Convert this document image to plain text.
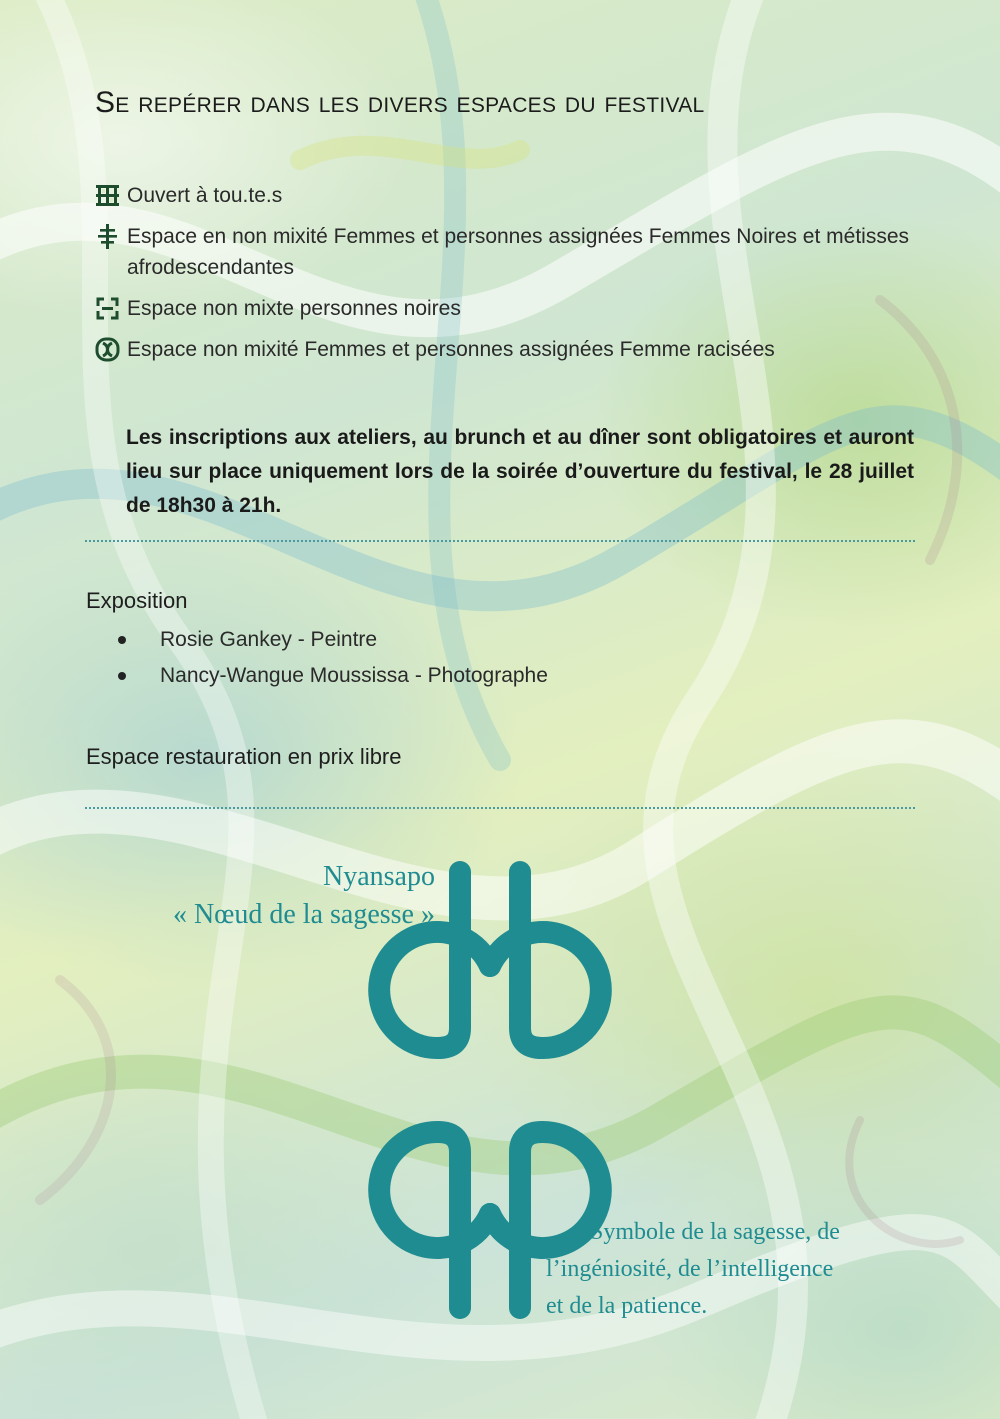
Se repérer dans les divers espaces du festival
Ouvert à tou.te.s
Espace en non mixité Femmes et personnes assignées Femmes Noires et métisses afrodescendantes
Espace non mixte personnes noires
Espace non mixité Femmes et personnes assignées Femme racisées

Les inscriptions aux ateliers, au brunch et au dîner sont obligatoires et auront lieu sur place uniquement lors de la soirée d’ouverture du festival, le 28 juillet de 18h30 à 21h.

Exposition
Rosie Gankey - Peintre
Nancy-Wangue Moussissa - Photographe
Espace restauration en prix libre
Nyansapo
« Nœud de la sagesse »
Symbole de la sagesse, de
l’ingéniosité, de l’intelligence
et de la patience.
